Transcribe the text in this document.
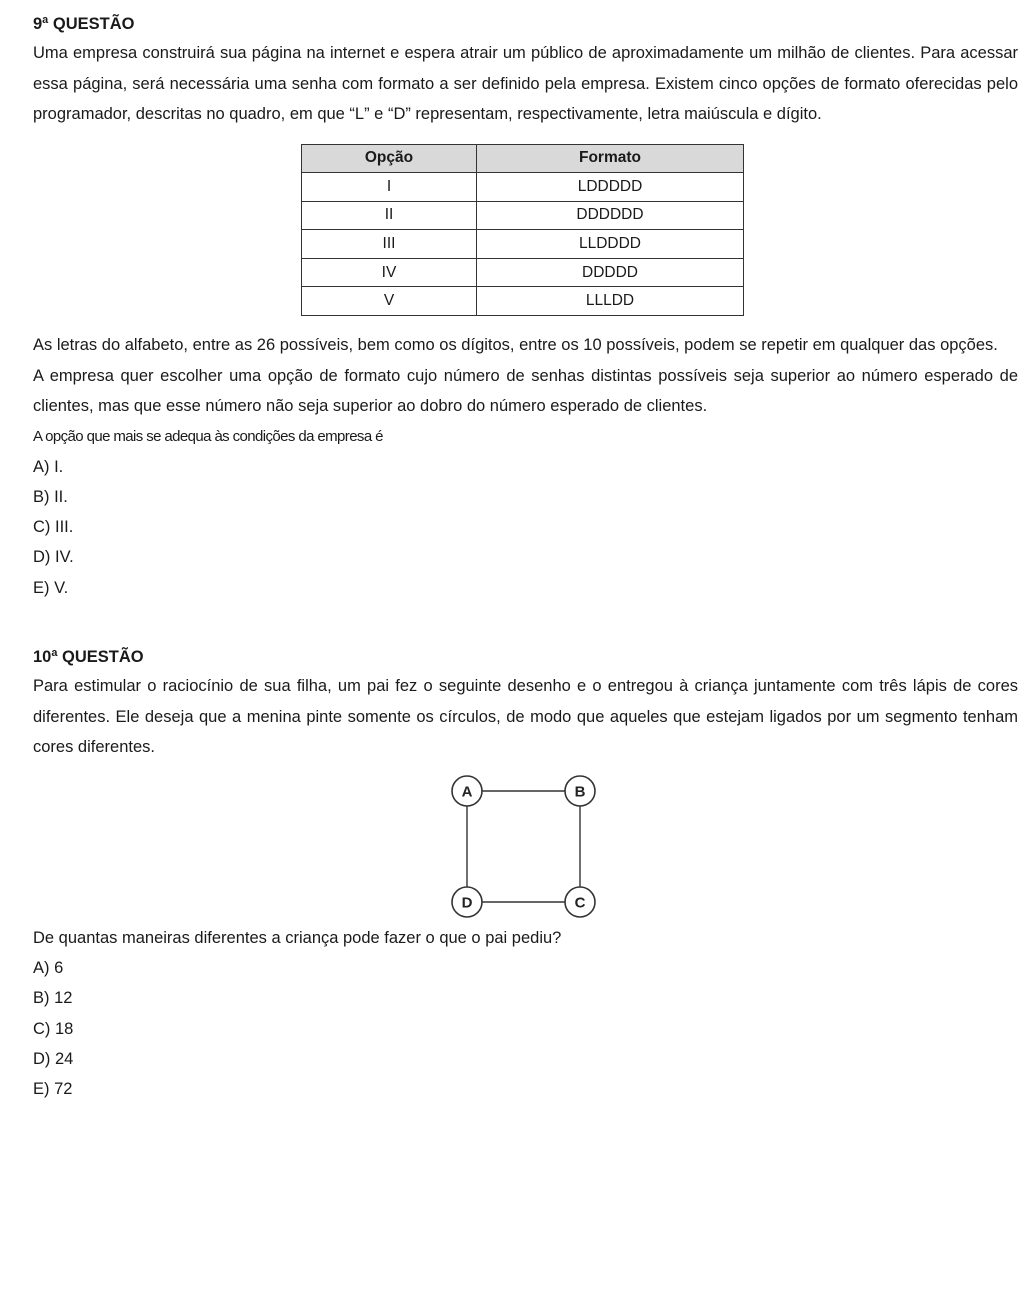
9ª QUESTÃO

Uma empresa construirá sua página na internet e espera atrair um público de aproximadamente um milhão de clientes. Para acessar essa página, será necessária uma senha com formato a ser definido pela empresa. Existem cinco opções de formato oferecidas pelo programador, descritas no quadro, em que “L” e “D” representam, respectivamente, letra maiúscula e dígito.

Opção	Formato
I	LDDDDD
II	DDDDDD
III	LLDDDD
IV	DDDDD
V	LLLDD

As letras do alfabeto, entre as 26 possíveis, bem como os dígitos, entre os 10 possíveis, podem se repetir em qualquer das opções.

A empresa quer escolher uma opção de formato cujo número de senhas distintas possíveis seja superior ao número esperado de clientes, mas que esse número não seja superior ao dobro do número esperado de clientes.

A opção que mais se adequa às condições da empresa é

A) I.

B) II.

C) III.

D) IV.

E) V.

10ª QUESTÃO

Para estimular o raciocínio de sua filha, um pai fez o seguinte desenho e o entregou à criança juntamente com três lápis de cores diferentes. Ele deseja que a menina pinte somente os círculos, de modo que aqueles que estejam ligados por um segmento tenham cores diferentes.

A	B
C
D

De quantas maneiras diferentes a criança pode fazer o que o pai pediu?

A) 6

B) 12

C) 18

D) 24

E) 72
